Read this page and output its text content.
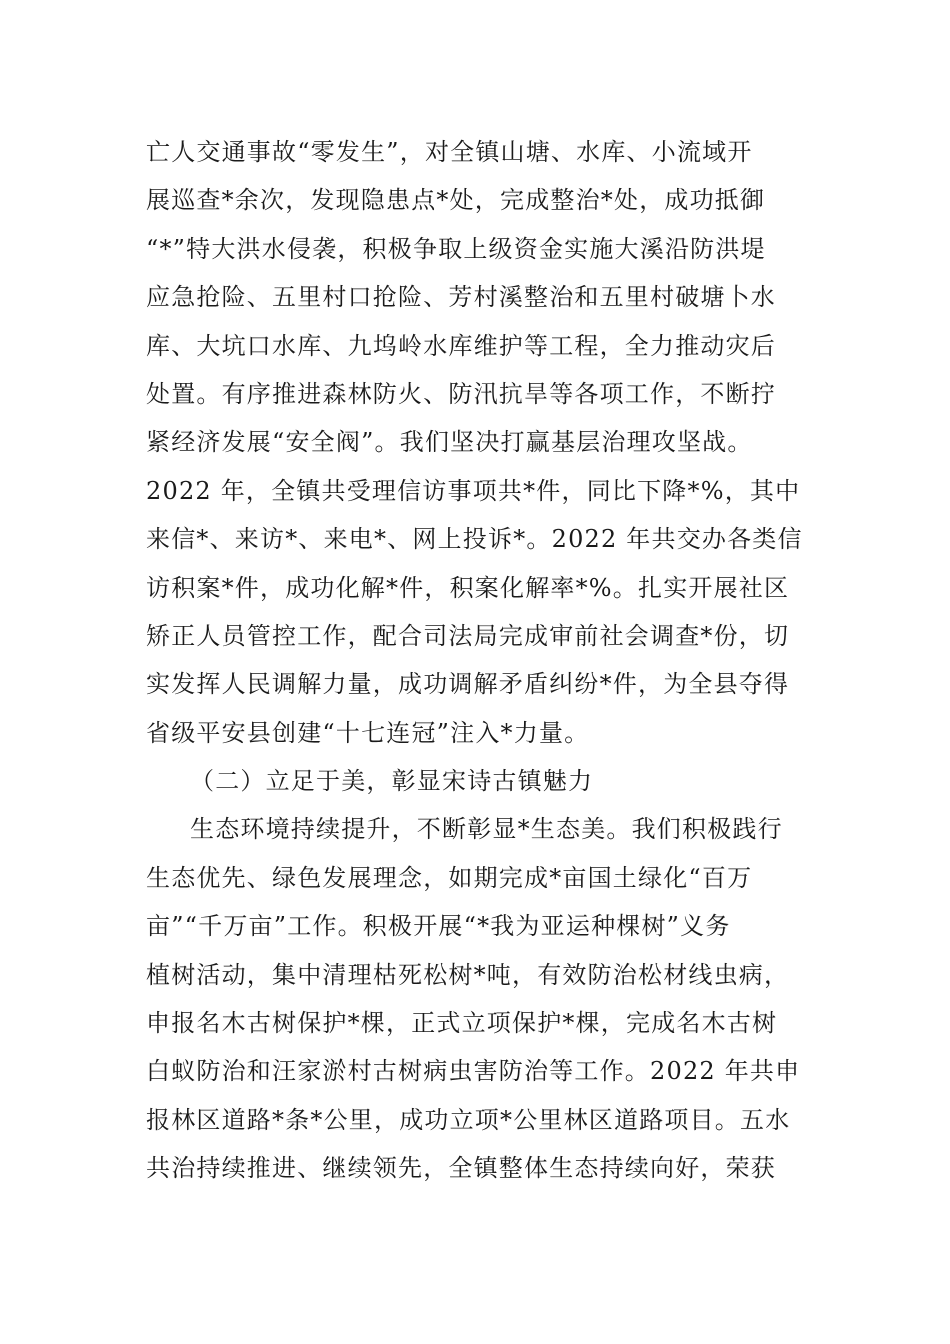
亡人交通事故“零发生”，对全镇山塘、水库、小流域开
展巡查*余次，发现隐患点*处，完成整治*处，成功抵御
“*”特大洪水侵袭，积极争取上级资金实施大溪沿防洪堤
应急抢险、五里村口抢险、芳村溪整治和五里村破塘卜水
库、大坑口水库、九坞岭水库维护等工程，全力推动灾后
处置。有序推进森林防火、防汛抗旱等各项工作，不断拧
紧经济发展“安全阀”。我们坚决打赢基层治理攻坚战。
2022 年，全镇共受理信访事项共*件，同比下降*%，其中
来信*、来访*、来电*、网上投诉*。2022 年共交办各类信
访积案*件，成功化解*件，积案化解率*%。扎实开展社区
矫正人员管控工作，配合司法局完成审前社会调查*份，切
实发挥人民调解力量，成功调解矛盾纠纷*件，为全县夺得
省级平安县创建“十七连冠”注入*力量。
（二）立足于美，彰显宋诗古镇魅力
生态环境持续提升，不断彰显*生态美。我们积极践行
生态优先、绿色发展理念，如期完成*亩国土绿化“百万
亩”“千万亩”工作。积极开展“*我为亚运种棵树”义务
植树活动，集中清理枯死松树*吨，有效防治松材线虫病，
申报名木古树保护*棵，正式立项保护*棵，完成名木古树
白蚁防治和汪家淤村古树病虫害防治等工作。2022 年共申
报林区道路*条*公里，成功立项*公里林区道路项目。五水
共治持续推进、继续领先，全镇整体生态持续向好，荣获
